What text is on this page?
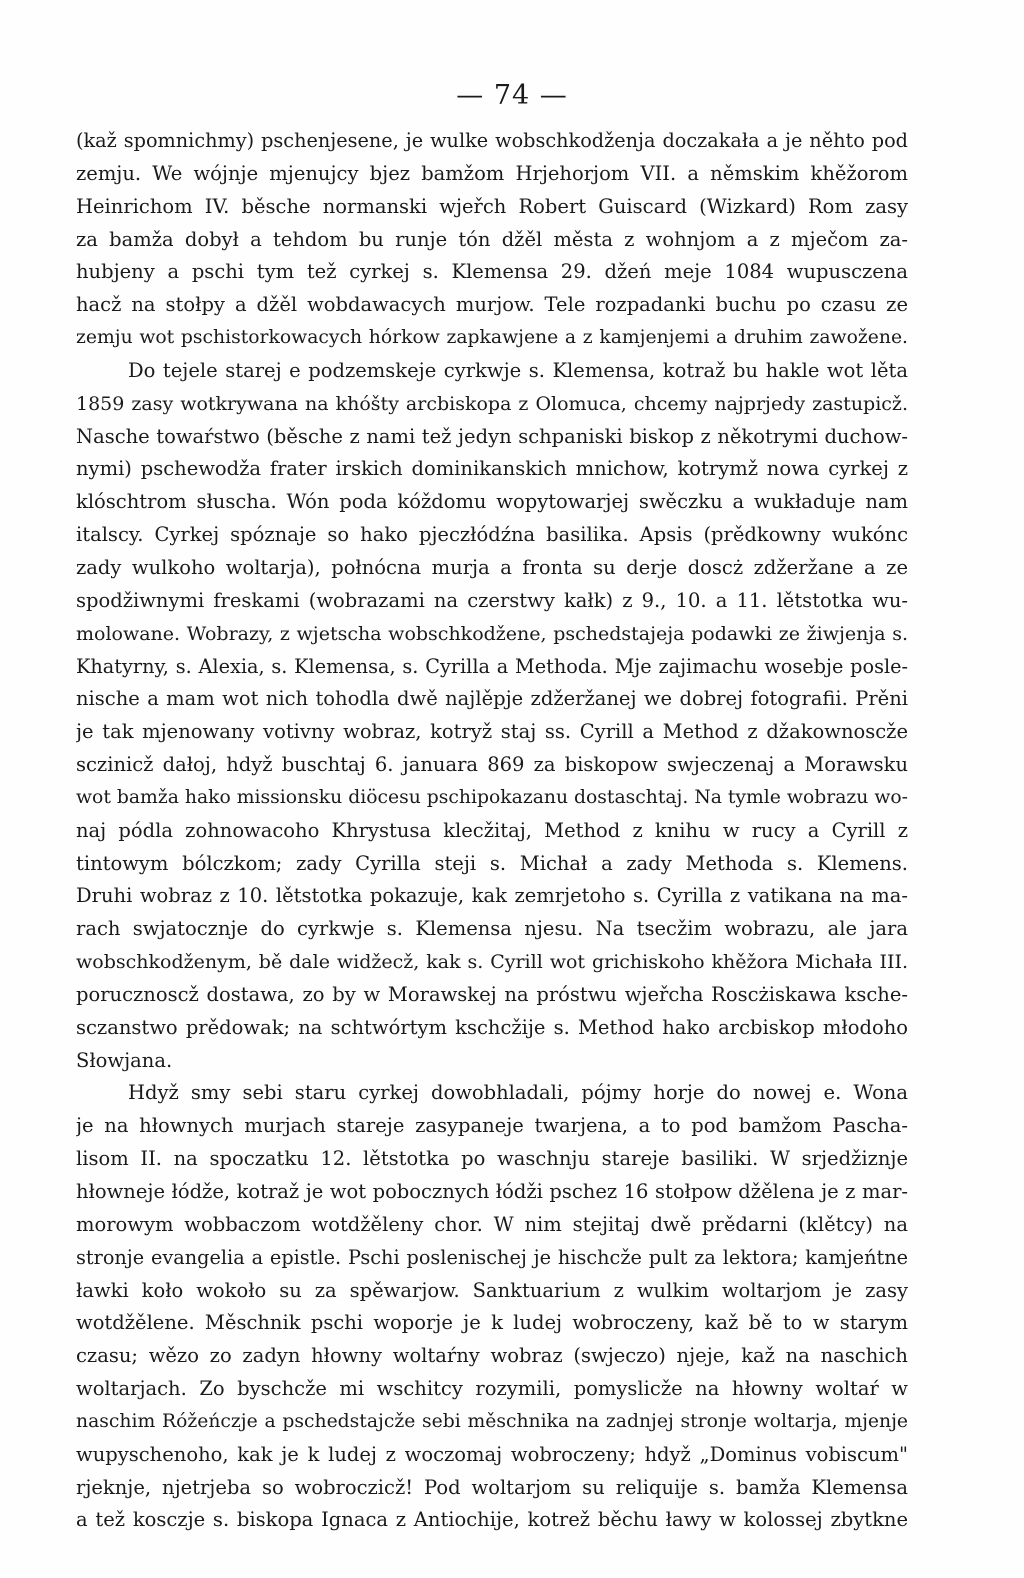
— 74 —
(kaž spomnichmy) pschenjesene, je wulke wobschkodženja doczakała a je něhto pod
zemju. We wójnje mjenujcy bjez bamžom Hrjehorjom VII. a němskim khěžorom
Heinrichom IV. běsche normanski wjeřch Robert Guiscard (Wizkard) Rom zasy
za bamža dobył a tehdom bu runje tón džěl města z wohnjom a z mječom za-
hubjeny a pschi tym tež cyrkej s. Klemensa 29. džeń meje 1084 wupusczena
hacž na stołpy a džěl wobdawacych murjow. Tele rozpadanki buchu po czasu ze
zemju wot pschistorkowacych hórkow zapkawjene a z kamjenjemi a druhim zawožene.
Do tejele starej e podzemskeje cyrkwje s. Klemensa, kotraž bu hakle wot lěta
1859 zasy wotkrywana na khóšty arcbiskopa z Olomuca, chcemy najprjedy zastupicž.
Nasche towaŕstwo (běsche z nami tež jedyn schpaniski biskop z někotrymi duchow-
nymi) pschewodža frater irskich dominikanskich mnichow, kotrymž nowa cyrkej z
klóschtrom słuscha. Wón poda kóždomu wopytowarjej swěczku a wukładuje nam
italscy. Cyrkej spóznaje so hako pjeczłódźna basilika. Apsis (prědkowny wukónc
zady wulkoho woltarja), połnócna murja a fronta su derje doscż zdžeržane a ze
spodžiwnymi freskami (wobrazami na czerstwy kałk) z 9., 10. a 11. lětstotka wu-
molowane. Wobrazy, z wjetscha wobschkodžene, pschedstajeja podawki ze žiwjenja s.
Khatyrny, s. Alexia, s. Klemensa, s. Cyrilla a Methoda. Mje zajimachu wosebje posle-
nische a mam wot nich tohodla dwě najlěpje zdžeržanej we dobrej fotografii. Prěni
je tak mjenowany votivny wobraz, kotryž staj ss. Cyrill a Method z džakownoscže
sczinicž dałoj, hdyž buschtaj 6. januara 869 za biskopow swjeczenaj a Morawsku
wot bamža hako missionsku diöcesu pschipokazanu dostaschtaj. Na tymle wobrazu wo-
naj pódla zohnowacoho Khrystusa klecžitaj, Method z knihu w rucy a Cyrill z
tintowym bólczkom; zady Cyrilla steji s. Michał a zady Methoda s. Klemens.
Druhi wobraz z 10. lětstotka pokazuje, kak zemrjetoho s. Cyrilla z vatikana na ma-
rach swjatocznje do cyrkwje s. Klemensa njesu. Na tsecžim wobrazu, ale jara
wobschkodženym, bě dale widžecž, kak s. Cyrill wot grichiskoho khěžora Michała III.
porucznoscž dostawa, zo by w Morawskej na próstwu wjeřcha Roscżiskawa ksche-
sczanstwo prědowak; na schtwórtym kschcžije s. Method hako arcbiskop młodoho
Słowjana.
Hdyž smy sebi staru cyrkej dowobhladali, pójmy horje do nowej e. Wona
je na hłownych murjach stareje zasypaneje twarjena, a to pod bamžom Pascha-
lisom II. na spoczatku 12. lětstotka po waschnju stareje basiliki. W srjedžiznje
hłowneje łódže, kotraž je wot pobocznych łódži pschez 16 stołpow džělena je z mar-
morowym wobbaczom wotdžěleny chor. W nim stejitaj dwě prědarni (klětcy) na
stronje evangelia a epistle. Pschi poslenischej je hischcže pult za lektora; kamjeńtne
ławki koło wokoło su za spěwarjow. Sanktuarium z wulkim woltarjom je zasy
wotdžělene. Měschnik pschi woporje je k ludej wobroczeny, kaž bě to w starym
czasu; wězo zo zadyn hłowny woltaŕny wobraz (swjeczo) njeje, kaž na naschich
woltarjach. Zo byschcže mi wschitcy rozymili, pomyslicže na hłowny woltaŕ w
naschim Róžeńczje a pschedstajcže sebi měschnika na zadnjej stronje woltarja, mjenje
wupyschenoho, kak je k ludej z woczomaj wobroczeny; hdyž „Dominus vobiscum"
rjeknje, njetrjeba so wobroczicž! Pod woltarjom su reliquije s. bamža Klemensa
a tež kosczje s. biskopa Ignaca z Antiochije, kotrež běchu ławy w kolossej zbytkne
